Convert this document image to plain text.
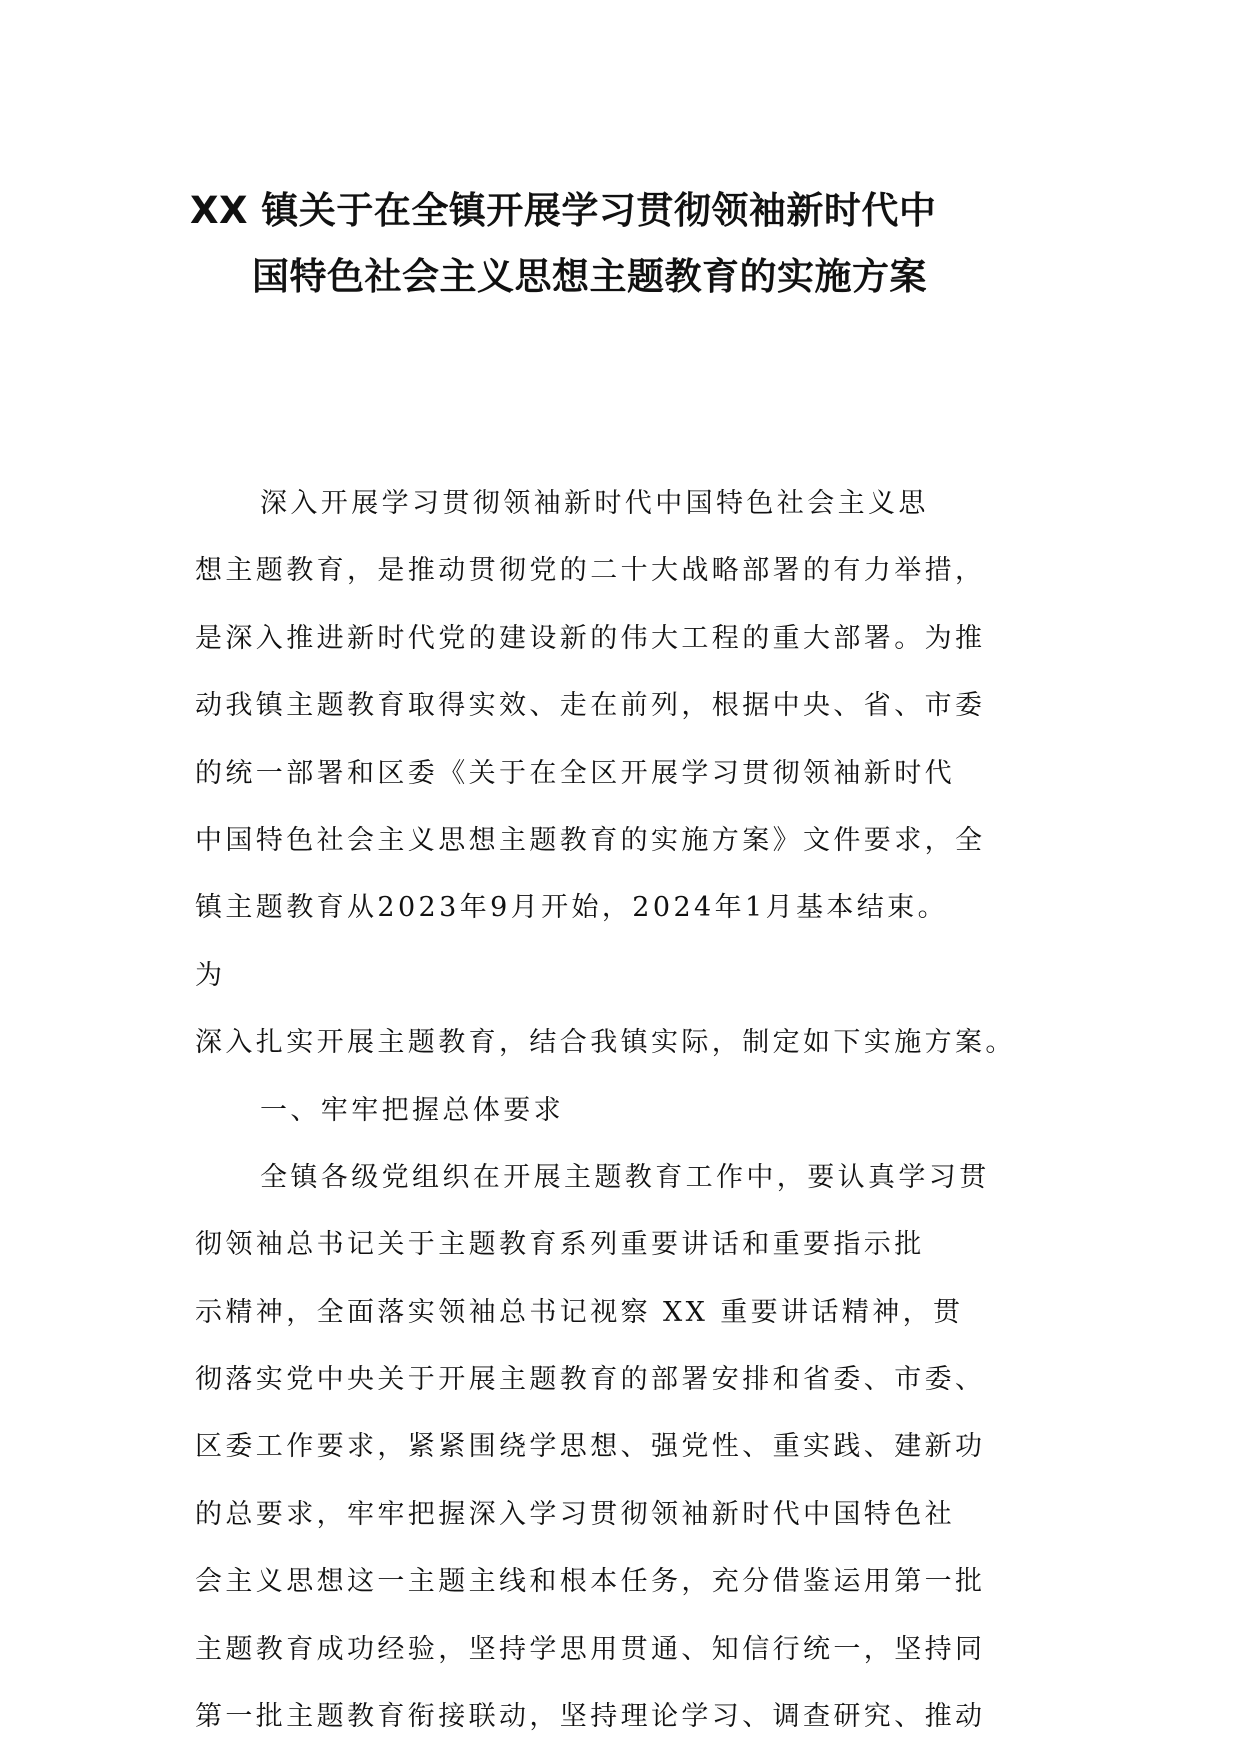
XX 镇关于在全镇开展学习贯彻领袖新时代中
国特色社会主义思想主题教育的实施方案
深入开展学习贯彻领袖新时代中国特色社会主义思
想主题教育，是推动贯彻党的二十大战略部署的有力举措，
是深入推进新时代党的建设新的伟大工程的重大部署。为推
动我镇主题教育取得实效、走在前列，根据中央、省、市委
的统一部署和区委《关于在全区开展学习贯彻领袖新时代
中国特色社会主义思想主题教育的实施方案》文件要求，全
镇主题教育从2023年9月开始，2024年1月基本结束。
为
深入扎实开展主题教育，结合我镇实际，制定如下实施方案。
一、牢牢把握总体要求
全镇各级党组织在开展主题教育工作中，要认真学习贯
彻领袖总书记关于主题教育系列重要讲话和重要指示批
示精神，全面落实领袖总书记视察 XX 重要讲话精神，贯
彻落实党中央关于开展主题教育的部署安排和省委、市委、
区委工作要求，紧紧围绕学思想、强党性、重实践、建新功
的总要求，牢牢把握深入学习贯彻领袖新时代中国特色社
会主义思想这一主题主线和根本任务，充分借鉴运用第一批
主题教育成功经验，坚持学思用贯通、知信行统一，坚持同
第一批主题教育衔接联动，坚持理论学习、调查研究、推动
